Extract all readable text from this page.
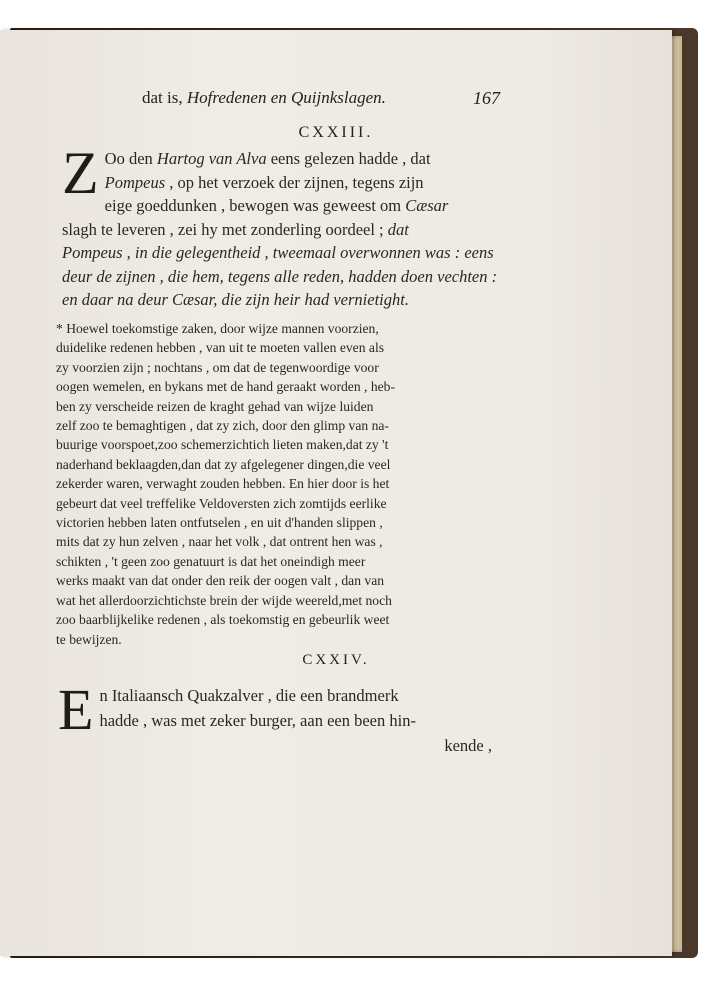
dat is, Hofredenen en Quijnkslagen.	167
CXXIII.
Z Oo den Hartog van Alva eens gelezen hadde , dat
Pompeus , op het verzoek der zijnen, tegens zijn
eige goeddunken , bewogen was geweest om Cæsar
slagh te leveren , zei hy met zonderling oordeel ; dat
Pompeus , in die gelegentheid , tweemaal overwonnen was : eens
deur de zijnen , die hem, tegens alle reden, hadden doen vechten :
en daar na deur Cæsar, die zijn heir had vernietight.
* Hoewel toekomstige zaken, door wijze mannen voorzien,
duidelike redenen hebben , van uit te moeten vallen even als
zy voorzien zijn ; nochtans , om dat de tegenwoordige voor
oogen wemelen, en bykans met de hand geraakt worden , heb-
ben zy verscheide reizen de kraght gehad van wijze luiden
zelf zoo te bemaghtigen , dat zy zich, door den glimp van na-
buurige voorspoet,zoo schemerzichtich lieten maken,dat zy 't
naderhand beklaagden,dan dat zy afgelegener dingen,die veel
zekerder waren, verwaght zouden hebben. En hier door is het
gebeurt dat veel treffelike Veldoversten zich zomtijds eerlike
victorien hebben laten ontfutselen , en uit d'handen slippen ,
mits dat zy hun zelven , naar het volk , dat ontrent hen was ,
schikten , 't geen zoo genatuurt is dat het oneindigh meer
werks maakt van dat onder den reik der oogen valt , dan van
wat het allerdoorzichtichste brein der wijde weereld,met noch
zoo baarblijkelike redenen , als toekomstig en gebeurlik weet
te bewijzen.
CXXIV.
E n Italiaansch Quakzalver , die een brandmerk
hadde , was met zeker burger, aan een been hin-
kende ,
